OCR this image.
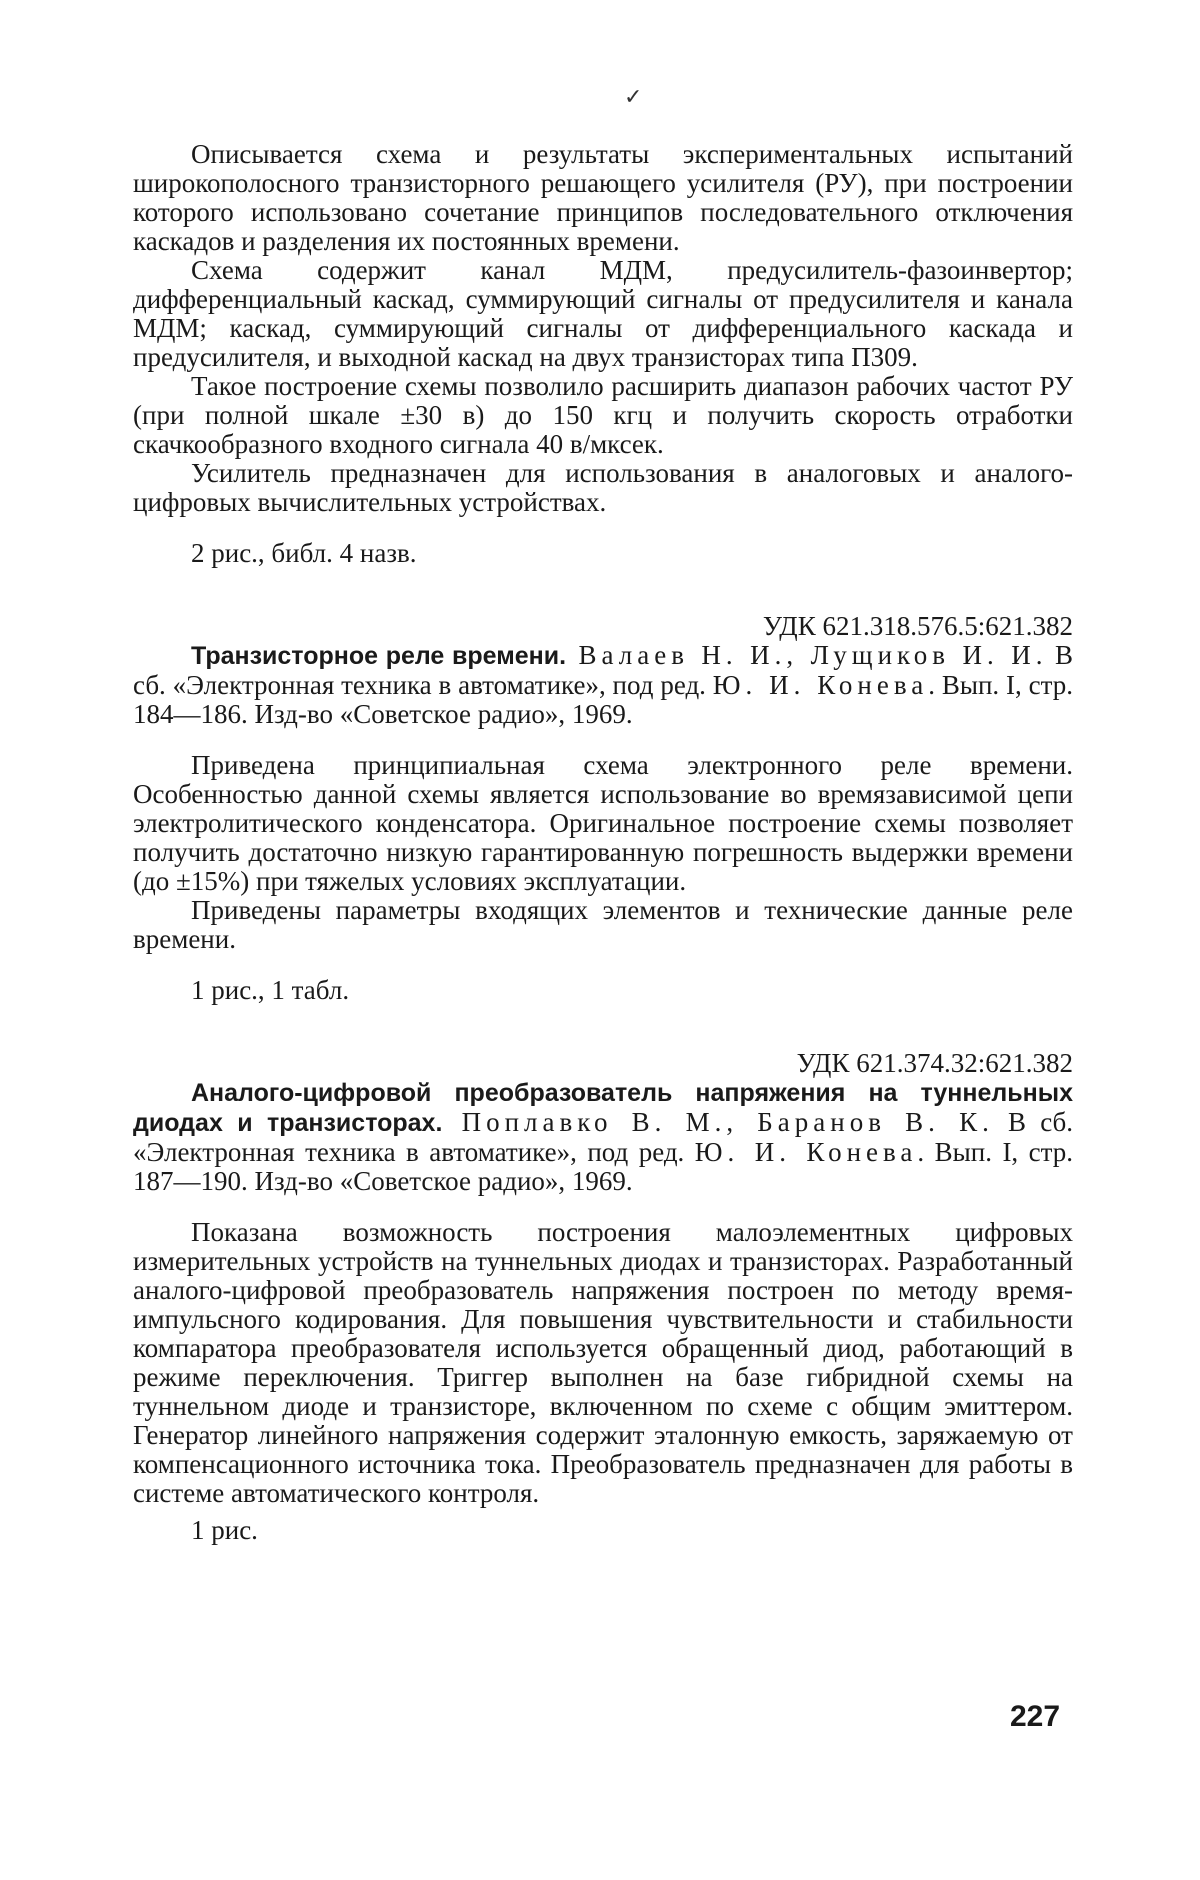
✓

Описывается схема и результаты экспериментальных испытаний широкополосного транзисторного решающего усилителя (РУ), при построении которого использовано сочетание принципов последовательного отключения каскадов и разделения их постоянных времени.

Схема содержит канал МДМ, предусилитель-фазоинвертор; дифференциальный каскад, суммирующий сигналы от предусилителя и канала МДМ; каскад, суммирующий сигналы от дифференциального каскада и предусилителя, и выходной каскад на двух транзисторах типа П309.

Такое построение схемы позволило расширить диапазон рабочих частот РУ (при полной шкале ±30 в) до 150 кгц и получить скорость отработки скачкообразного входного сигнала 40 в/мксек.

Усилитель предназначен для использования в аналоговых и аналого-цифровых вычислительных устройствах.

2 рис., библ. 4 назв.

УДК 621.318.576.5:621.382

Транзисторное реле времени. Валаев Н. И., Лущиков И. И. В сб. «Электронная техника в автоматике», под ред. Ю. И. Конева. Вып. I, стр. 184—186. Изд-во «Советское радио», 1969.

Приведена принципиальная схема электронного реле времени. Особенностью данной схемы является использование во времязависимой цепи электролитического конденсатора. Оригинальное построение схемы позволяет получить достаточно низкую гарантированную погрешность выдержки времени (до ±15%) при тяжелых условиях эксплуатации.

Приведены параметры входящих элементов и технические данные реле времени.

1 рис., 1 табл.

УДК 621.374.32:621.382

Аналого-цифровой преобразователь напряжения на туннельных диодах и транзисторах. Поплавко В. М., Баранов В. К. В сб. «Электронная техника в автоматике», под ред. Ю. И. Конева. Вып. I, стр. 187—190. Изд-во «Советское радио», 1969.

Показана возможность построения малоэлементных цифровых измерительных устройств на туннельных диодах и транзисторах. Разработанный аналого-цифровой преобразователь напряжения построен по методу время-импульсного кодирования. Для повышения чувствительности и стабильности компаратора преобразователя используется обращенный диод, работающий в режиме переключения. Триггер выполнен на базе гибридной схемы на туннельном диоде и транзисторе, включенном по схеме с общим эмиттером. Генератор линейного напряжения содержит эталонную емкость, заряжаемую от компенсационного источника тока. Преобразователь предназначен для работы в системе автоматического контроля.

1 рис.

227
